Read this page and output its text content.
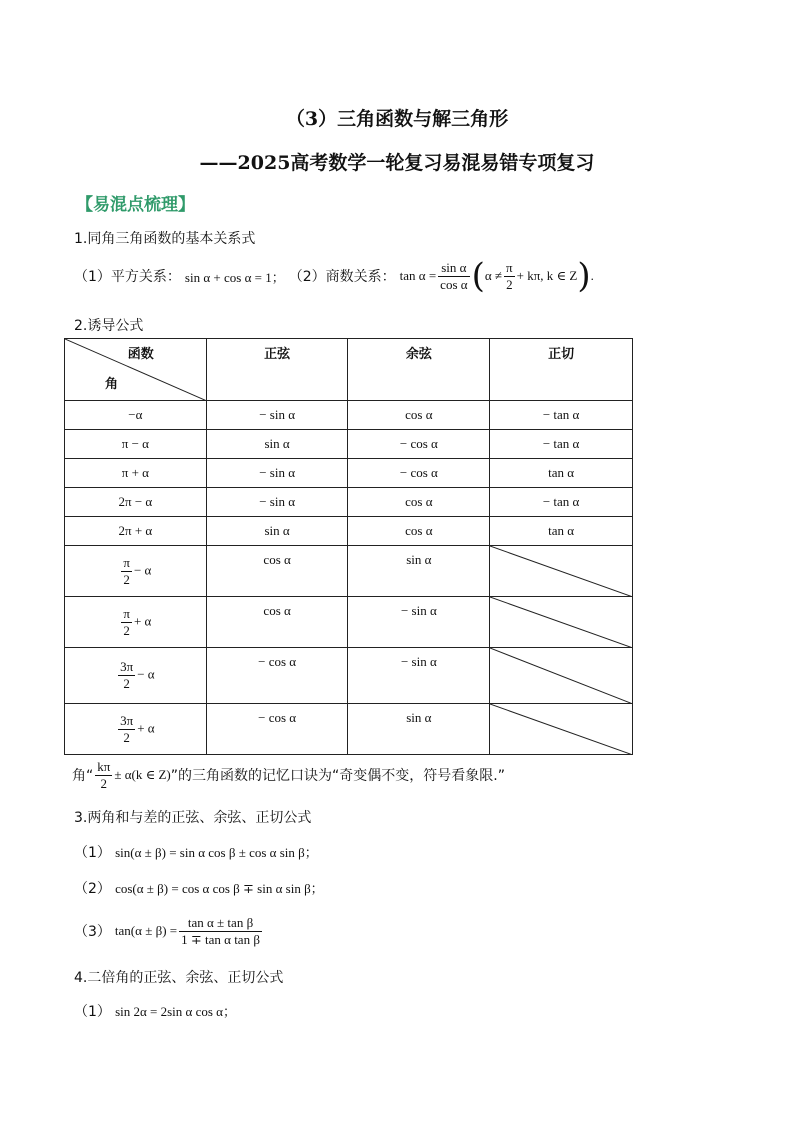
（3）三角函数与解三角形
——2025高考数学一轮复习易混易错专项复习
【易混点梳理】
1.同角三角函数的基本关系式
（1）平方关系： sin α + cos α = 1； （2）商数关系： $\tan \alpha = \frac{\text{sin α}}{\text{cos α}}$ ( $\alpha \ne \frac{\pi}{2} + k\pi$, k ∈ Z ) .
2.诱导公式
函数
角	正弦	余弦	正切
−α	− sin α	cos α	− tan α
π − α	sin α	− cos α	− tan α
π + α	− sin α	− cos α	tan α
2π − α	− sin α	cos α	− tan α
2π + α	sin α	cos α	tan α

$\frac{\pi}{2} - \alpha$	cos α	sin α	

$\frac{\pi}{2} + \alpha$	cos α	− sin α	

$\frac{3\pi}{2} - \alpha$	− cos α	− sin α	

$\frac{3\pi}{2} + \alpha$	− cos α	sin α	
角“ $\frac{k\pi}{2} \pm \alpha(k$ ∈ Z) ”的三角函数的记忆口诀为“奇变偶不变，符号看象限.”
3.两角和与差的正弦、余弦、正切公式
（1） sin(α ± β) = sin α cos β ± cos α sin β；
（2） cos(α ± β) = cos α cos β ∓ sin α sin β；
（3） $\tan(\alpha \pm \beta) = \frac{\text{tan α ± tan β}}{\text{1 ∓ tan α tan β}}$
4.二倍角的正弦、余弦、正切公式
（1） sin 2α = 2sin α cos α；
